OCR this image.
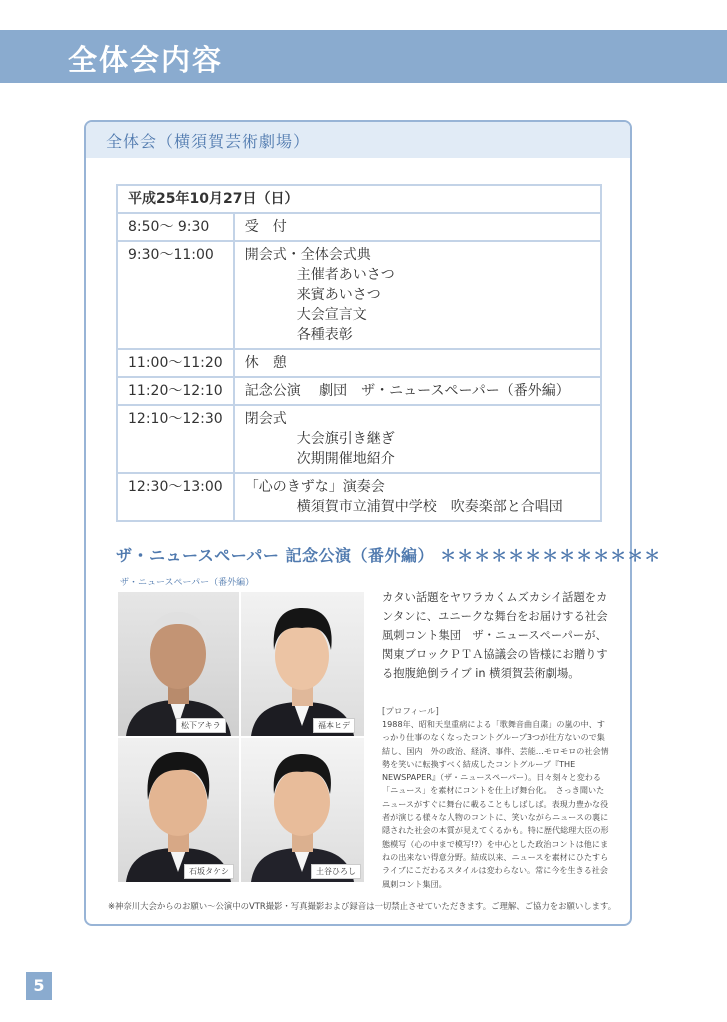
全体会内容
全体会（横須賀芸術劇場）
平成25年10月27日（日）	
8:50～ 9:30	受　付
9:30～11:00	開会式・全体会式典
主催者あいさつ
来賓あいさつ
大会宣言文
各種表彰

11:00～11:20	休　憩
11:20～12:10	記念公演　 劇団　ザ・ニュースペーパー（番外編）
12:10～12:30	閉会式
大会旗引き継ぎ
次期開催地紹介

12:30～13:00	「心のきずな」演奏会
横須賀市立浦賀中学校　吹奏楽部と合唱団
ザ・ニュースペーパー 記念公演（番外編） ＊＊＊＊＊＊＊＊＊＊＊＊＊
ザ・ニュースペーパー（番外編）
松下アキラ	福本ヒデ
石坂タケシ	土谷ひろし
カタい話題をヤワラカくムズカシイ話題をカンタンに、ユニークな舞台をお届けする社会風刺コント集団　ザ・ニュースペーパーが、関東ブロックＰＴＡ協議会の皆様にお贈りする抱腹絶倒ライブ in 横須賀芸術劇場。
[プロフィール]
1988年、昭和天皇重病による「歌舞音曲自粛」の嵐の中、すっかり仕事のなくなったコントグループ3つが仕方ないので集結し、国内　外の政治、経済、事件、芸能…モロモロの社会情勢を笑いに転換すべく結成したコントグループ『THE NEWSPAPER』（ザ・ニュースペーパー）。日々刻々と変わる「ニュース」を素材にコントを仕上げ舞台化。　さっき聞いたニュースがすぐに舞台に載ることもしばしば。表現力豊かな役者が演じる様々な人物のコントに、笑いながらニュースの裏に隠された社会の本質が見えてくるかも。特に歴代総理大臣の形態模写（心の中まで模写!?）を中心とした政治コントは他にまねの出来ない得意分野。結成以来、ニュースを素材にひたすらライブにこだわるスタイルは変わらない。常に今を生きる社会風刺コント集団。
※神奈川大会からのお願い～公演中のVTR撮影・写真撮影および録音は一切禁止させていただきます。ご理解、ご協力をお願いします。
5
